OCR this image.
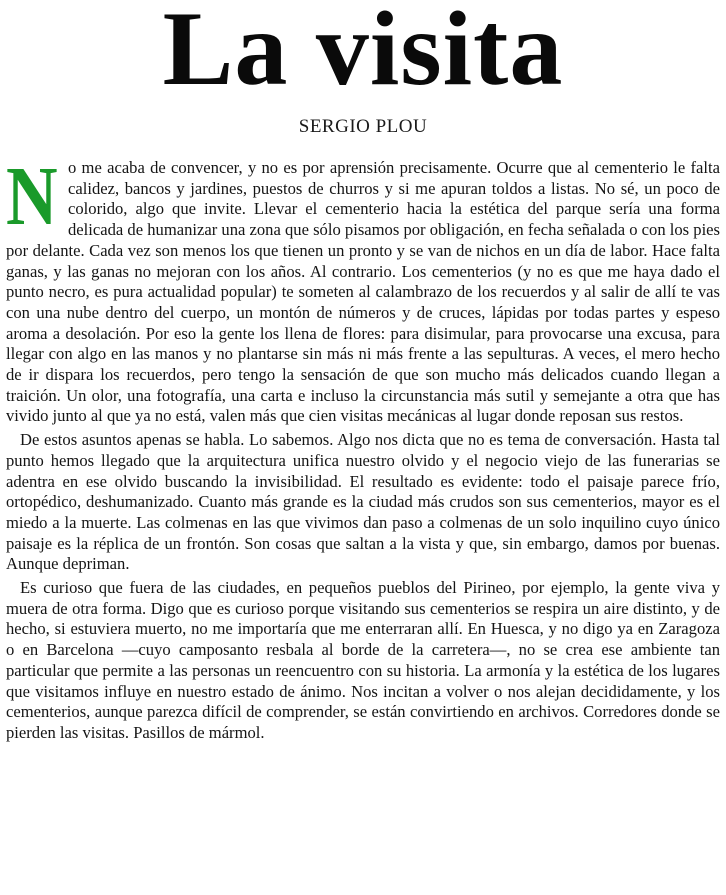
La visita
SERGIO PLOU

No me acaba de convencer, y no es por aprensión precisamente. Ocurre que al cementerio le falta calidez, bancos y jardines, puestos de churros y si me apuran toldos a listas. No sé, un poco de colorido, algo que invite. Llevar el cementerio hacia la estética del parque sería una forma delicada de humanizar una zona que sólo pisamos por obligación, en fecha señalada o con los pies por delante. Cada vez son menos los que tienen un pronto y se van de nichos en un día de labor. Hace falta ganas, y las ganas no mejoran con los años. Al contrario. Los cementerios (y no es que me haya dado el punto necro, es pura actualidad popular) te someten al calambrazo de los recuerdos y al salir de allí te vas con una nube dentro del cuerpo, un montón de números y de cruces, lápidas por todas partes y espeso aroma a desolación. Por eso la gente los llena de flores: para disimular, para provocarse una excusa, para llegar con algo en las manos y no plantarse sin más ni más frente a las sepulturas. A veces, el mero hecho de ir dispara los recuerdos, pero tengo la sensación de que son mucho más delicados cuando llegan a traición. Un olor, una fotografía, una carta e incluso la circunstancia más sutil y semejante a otra que has vivido junto al que ya no está, valen más que cien visitas mecánicas al lugar donde reposan sus restos.

De estos asuntos apenas se habla. Lo sabemos. Algo nos dicta que no es tema de conversación. Hasta tal punto hemos llegado que la arquitectura unifica nuestro olvido y el negocio viejo de las funerarias se adentra en ese olvido buscando la invisibilidad. El resultado es evidente: todo el paisaje parece frío, ortopédico, deshumanizado. Cuanto más grande es la ciudad más crudos son sus cementerios, mayor es el miedo a la muerte. Las colmenas en las que vivimos dan paso a colmenas de un solo inquilino cuyo único paisaje es la réplica de un frontón. Son cosas que saltan a la vista y que, sin embargo, damos por buenas. Aunque depriman.

Es curioso que fuera de las ciudades, en pequeños pueblos del Pirineo, por ejemplo, la gente viva y muera de otra forma. Digo que es curioso porque visitando sus cementerios se respira un aire distinto, y de hecho, si estuviera muerto, no me importaría que me enterraran allí. En Huesca, y no digo ya en Zaragoza o en Barcelona —cuyo camposanto resbala al borde de la carretera—, no se crea ese ambiente tan particular que permite a las personas un reencuentro con su historia. La armonía y la estética de los lugares que visitamos influye en nuestro estado de ánimo. Nos incitan a volver o nos alejan decididamente, y los cementerios, aunque parezca difícil de comprender, se están convirtiendo en archivos. Corredores donde se pierden las visitas. Pasillos de mármol.
